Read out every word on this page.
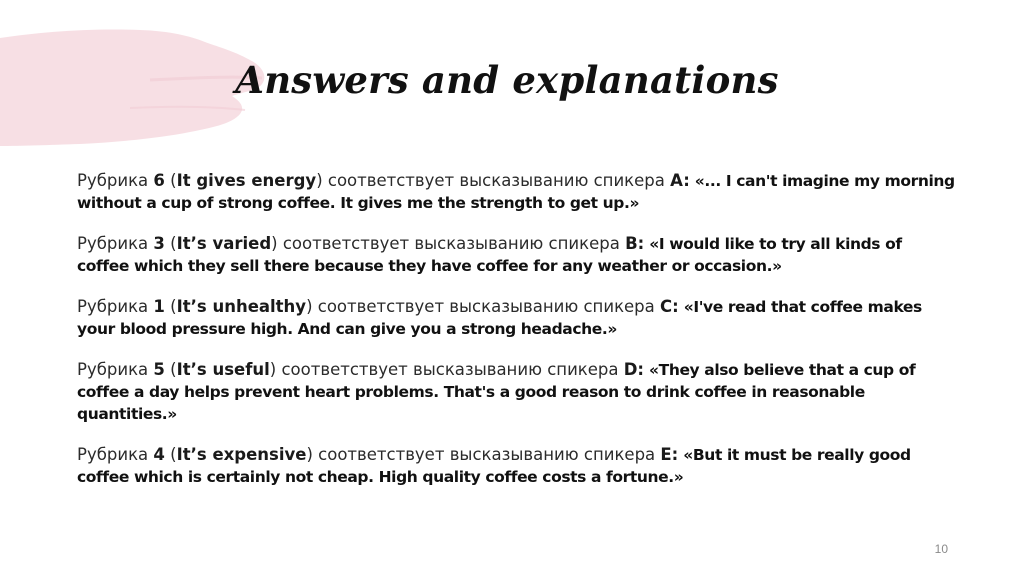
Answers and explanations

Рубрика 6 (It gives energy) соответствует высказыванию спикера A: «... I can't imagine my morning without a cup of strong coffee. It gives me the strength to get up.»

Рубрика 3 (It’s varied) соответствует высказыванию спикера B: «I would like to try all kinds of coffee which they sell there because they have coffee for any weather or occasion.»

Рубрика 1 (It’s unhealthy) соответствует высказыванию спикера C: «I've read that coffee makes your blood pressure high. And can give you a strong headache.»

Рубрика 5 (It’s useful) соответствует высказыванию спикера D: «They also believe that a cup of coffee a day helps prevent heart problems. That's a good reason to drink coffee in reasonable quantities.»

Рубрика 4 (It’s expensive) соответствует высказыванию спикера E: «But it must be really good coffee which is certainly not cheap. High quality coffee costs a fortune.»

10
